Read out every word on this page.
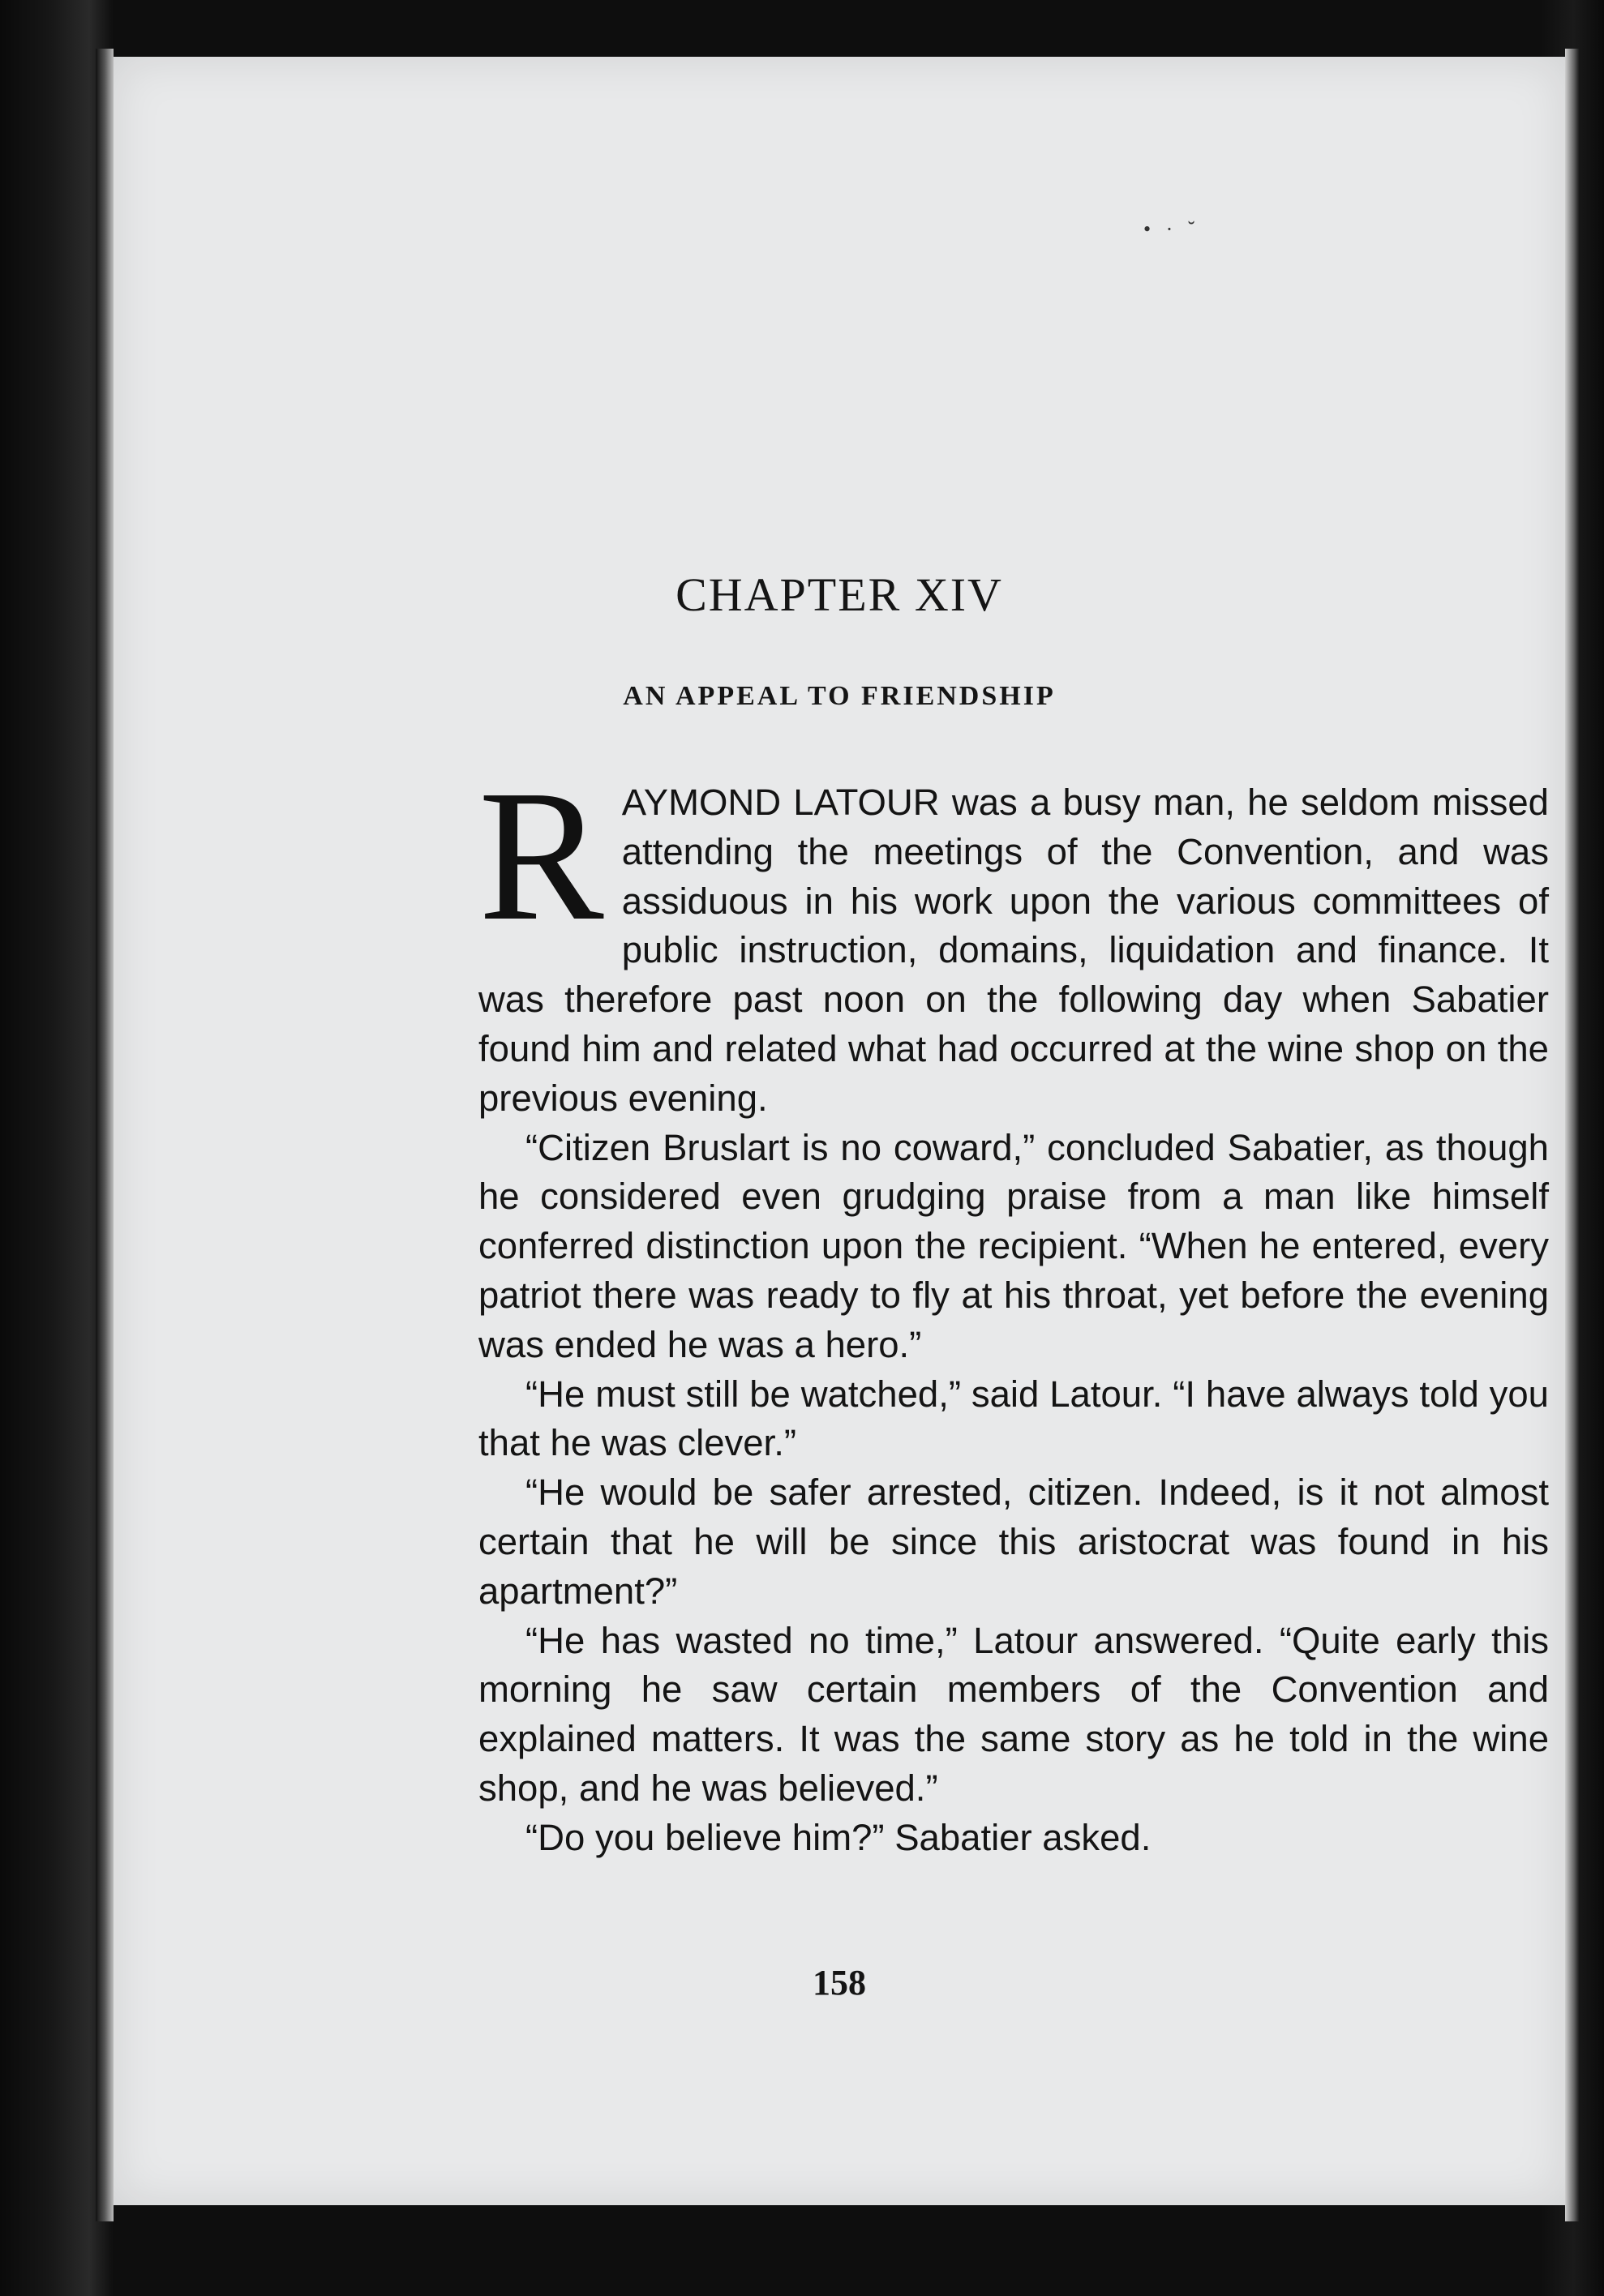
• · ˘
CHAPTER XIV
AN APPEAL TO FRIENDSHIP

RAYMOND LATOUR was a busy man, he seldom missed attending the meetings of the Convention, and was assiduous in his work upon the various committees of public instruction, domains, liquidation and finance. It was therefore past noon on the following day when Sabatier found him and related what had occurred at the wine shop on the previous evening.

“Citizen Bruslart is no coward,” concluded Sabatier, as though he considered even grudging praise from a man like himself conferred distinction upon the recipient. “When he entered, every patriot there was ready to fly at his throat, yet before the evening was ended he was a hero.”

“He must still be watched,” said Latour. “I have always told you that he was clever.”

“He would be safer arrested, citizen. Indeed, is it not almost certain that he will be since this aristocrat was found in his apartment?”

“He has wasted no time,” Latour answered. “Quite early this morning he saw certain members of the Convention and explained matters. It was the same story as he told in the wine shop, and he was believed.”

“Do you believe him?” Sabatier asked.

158
